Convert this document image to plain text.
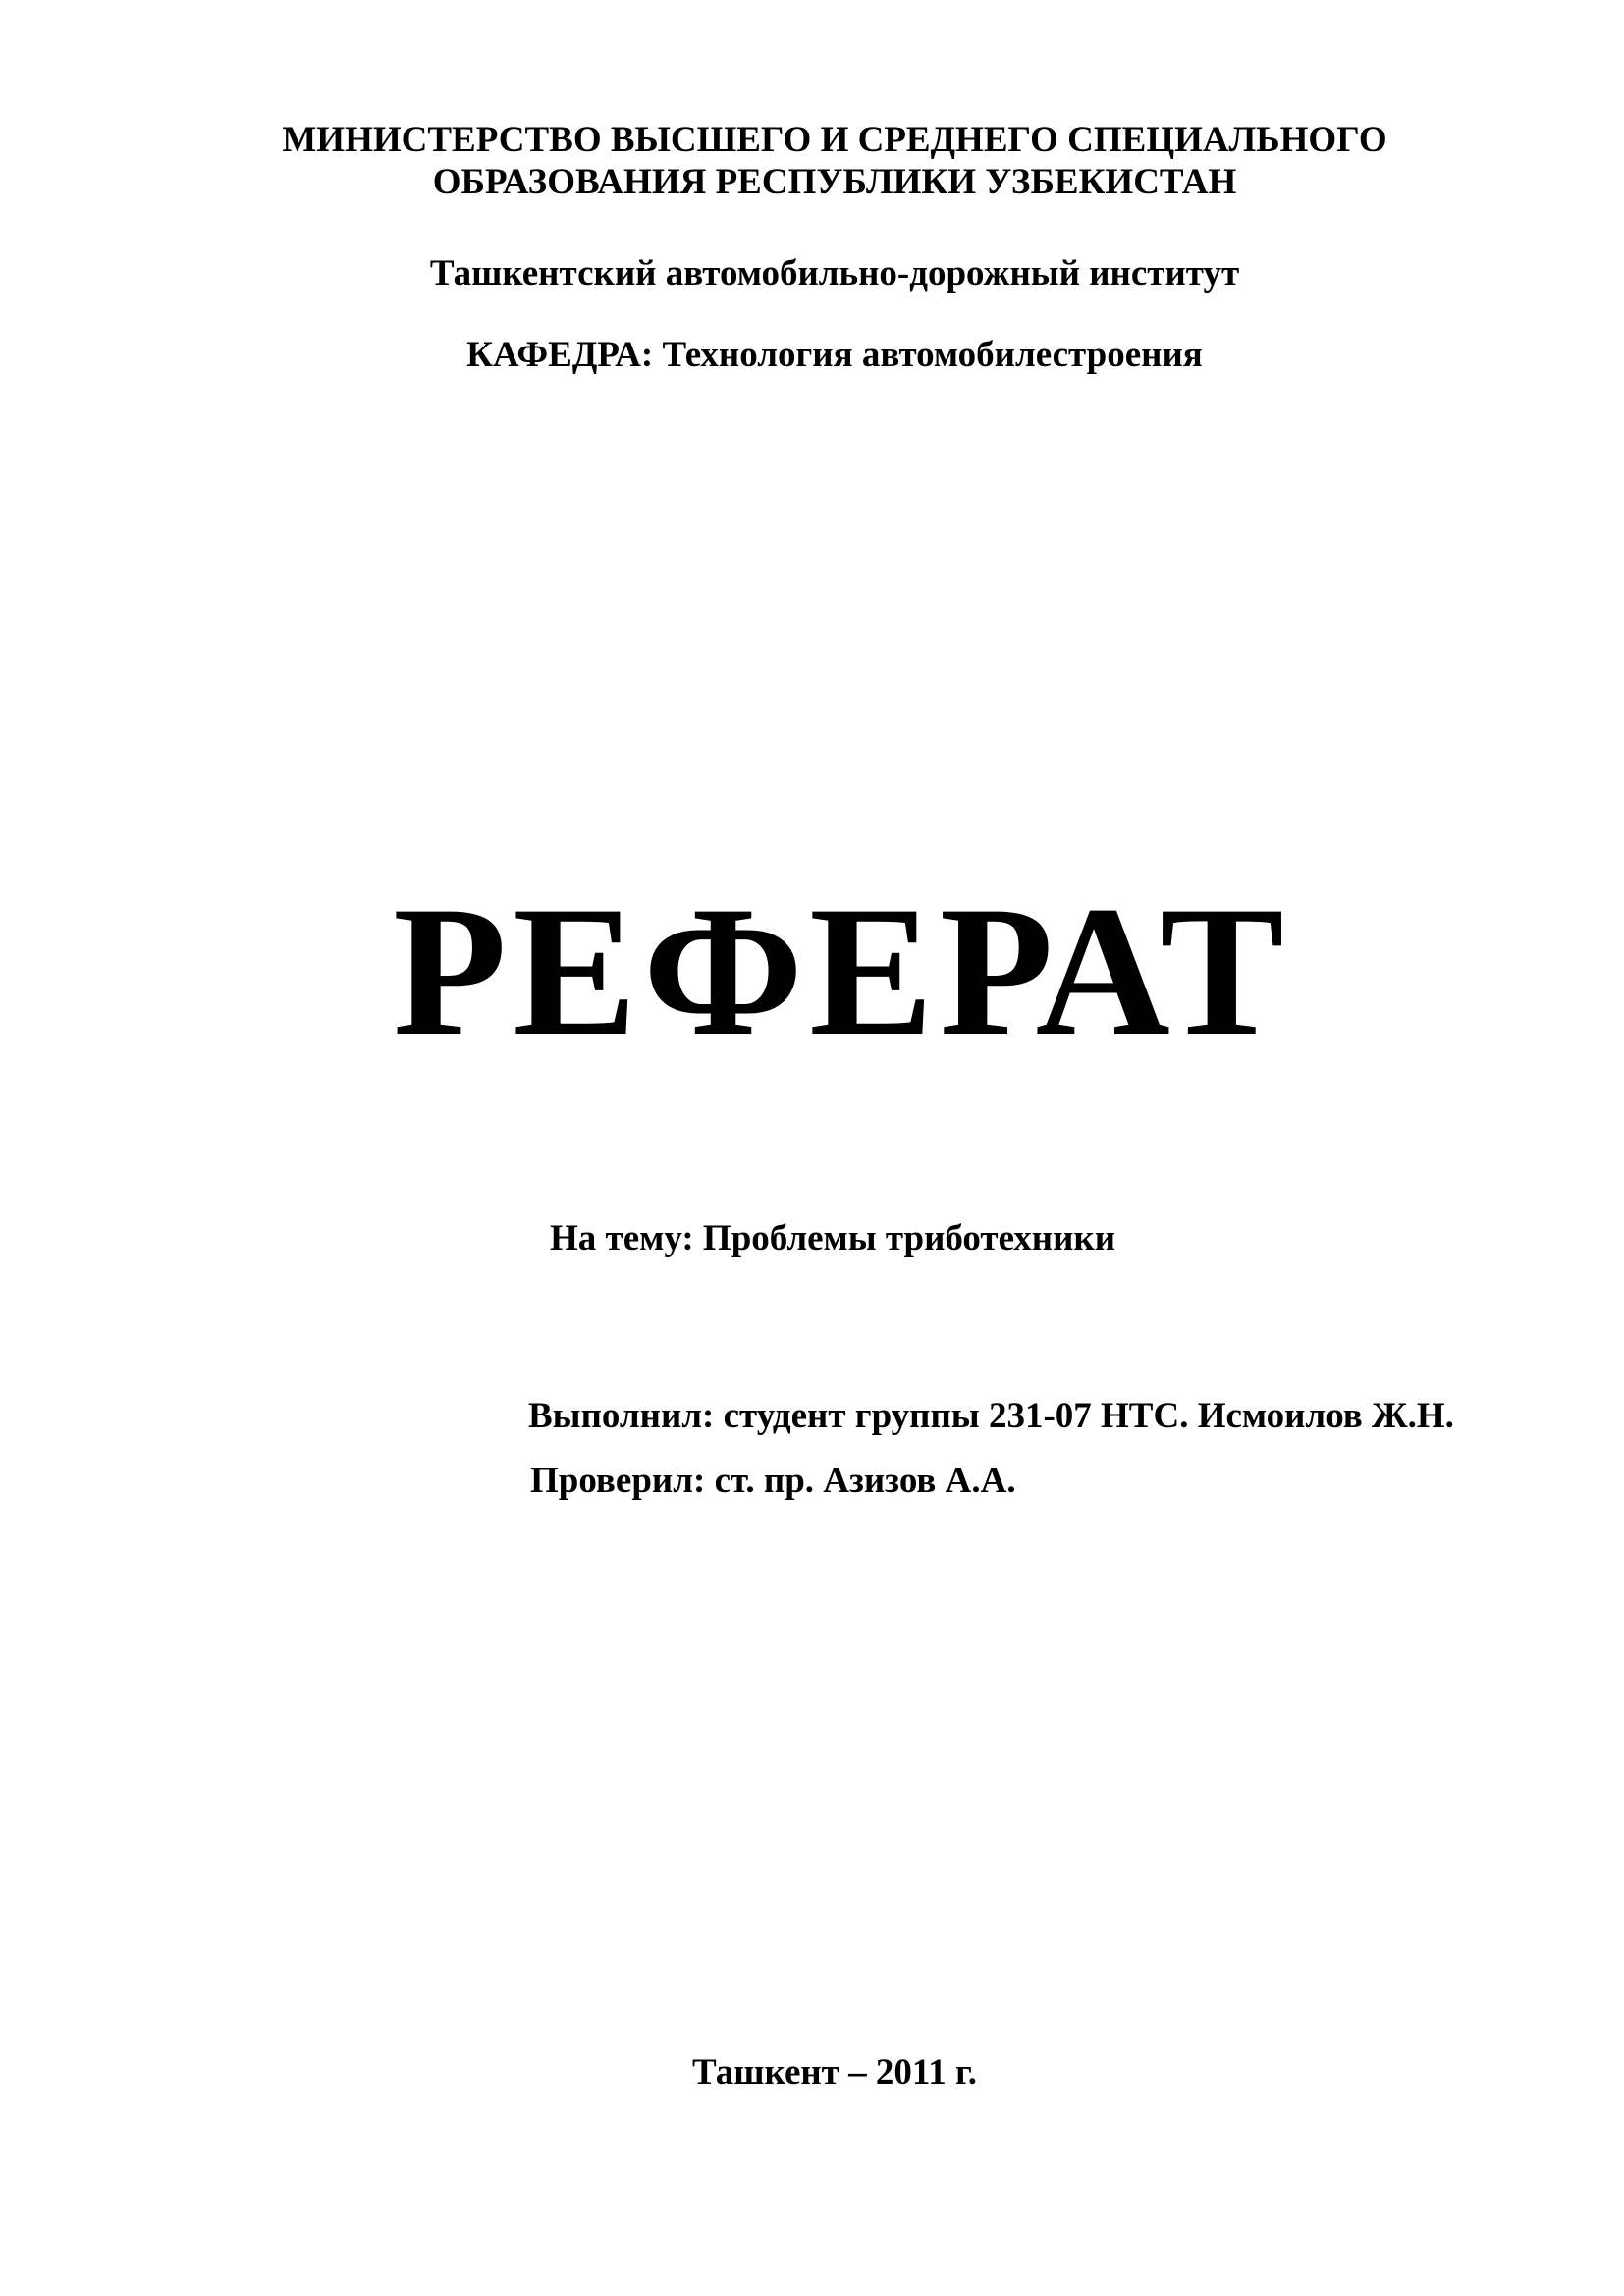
МИНИСТЕРСТВО ВЫСШЕГО И СРЕДНЕГО СПЕЦИАЛЬНОГО
ОБРАЗОВАНИЯ РЕСПУБЛИКИ УЗБЕКИСТАН
Ташкентский автомобильно-дорожный институт
КАФЕДРА: Технология автомобилестроения
РЕФЕРАТ
На тему: Проблемы триботехники
Выполнил: студент группы 231-07 НТС. Исмоилов Ж.Н.
Проверил: ст. пр. Азизов А.А.
Ташкент – 2011 г.
